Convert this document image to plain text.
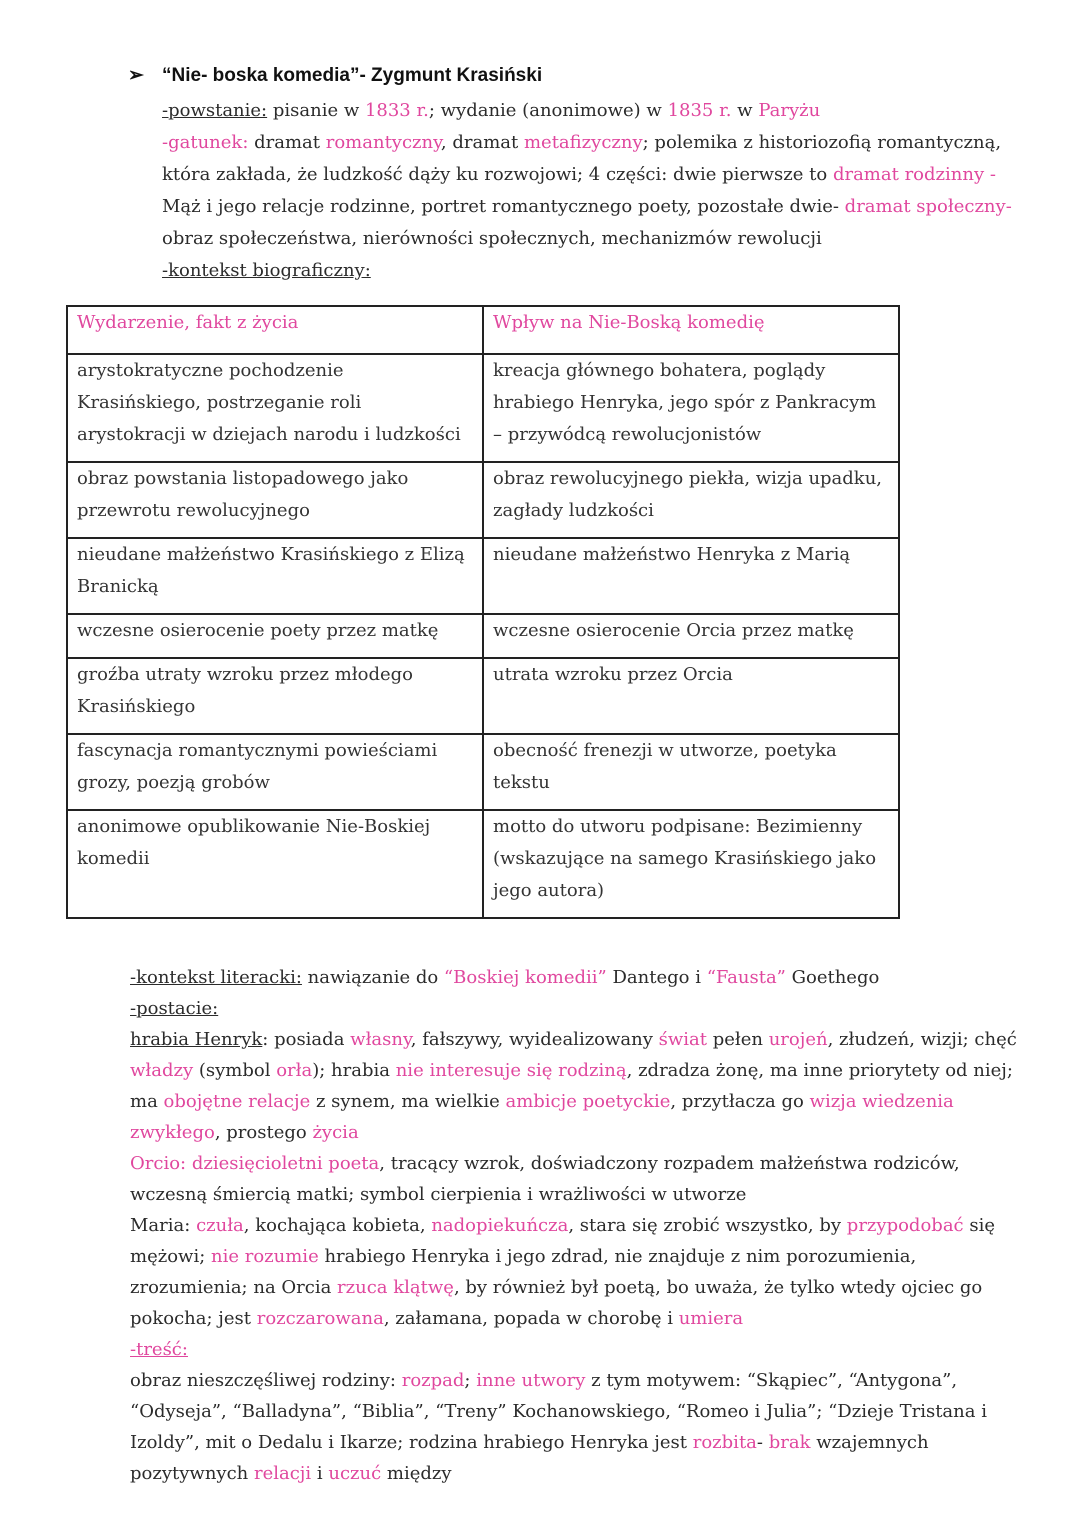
➢ “Nie- boska komedia”- Zygmunt Krasiński

-powstanie: pisanie w 1833 r.; wydanie (anonimowe) w 1835 r. w Paryżu

-gatunek: dramat romantyczny, dramat metafizyczny; polemika z historiozofią romantyczną, która zakłada, że ludzkość dąży ku rozwojowi; 4 części: dwie pierwsze to dramat rodzinny - Mąż i jego relacje rodzinne, portret romantycznego poety, pozostałe dwie- dramat społeczny- obraz społeczeństwa, nierówności społecznych, mechanizmów rewolucji

-kontekst biograficzny:

Wydarzenie, fakt z życia	Wpływ na Nie-Boską komedię
arystokratyczne pochodzenie Krasińskiego, postrzeganie roli arystokracji w dziejach narodu i ludzkości	kreacja głównego bohatera, poglądy hrabiego Henryka, jego spór z Pankracym – przywódcą rewolucjonistów
obraz powstania listopadowego jako przewrotu rewolucyjnego	obraz rewolucyjnego piekła, wizja upadku, zagłady ludzkości
nieudane małżeństwo Krasińskiego z Elizą Branicką	nieudane małżeństwo Henryka z Marią
wczesne osierocenie poety przez matkę	wczesne osierocenie Orcia przez matkę
groźba utraty wzroku przez młodego Krasińskiego	utrata wzroku przez Orcia
fascynacja romantycznymi powieściami grozy, poezją grobów	obecność frenezji w utworze, poetyka tekstu
anonimowe opublikowanie Nie-Boskiej komedii	motto do utworu podpisane: Bezimienny (wskazujące na samego Krasińskiego jako jego autora)

-kontekst literacki: nawiązanie do “Boskiej komedii” Dantego i “Fausta” Goethego

-postacie:

hrabia Henryk: posiada własny, fałszywy, wyidealizowany świat pełen urojeń, złudzeń, wizji; chęć władzy (symbol orła); hrabia nie interesuje się rodziną, zdradza żonę, ma inne priorytety od niej; ma obojętne relacje z synem, ma wielkie ambicje poetyckie, przytłacza go wizja wiedzenia zwykłego, prostego życia

Orcio: dziesięcioletni poeta, tracący wzrok, doświadczony rozpadem małżeństwa rodziców, wczesną śmiercią matki; symbol cierpienia i wrażliwości w utworze

Maria: czuła, kochająca kobieta, nadopiekuńcza, stara się zrobić wszystko, by przypodobać się mężowi; nie rozumie hrabiego Henryka i jego zdrad, nie znajduje z nim porozumienia, zrozumienia; na Orcia rzuca klątwę, by również był poetą, bo uważa, że tylko wtedy ojciec go pokocha; jest rozczarowana, załamana, popada w chorobę i umiera

-treść:

obraz nieszczęśliwej rodziny: rozpad; inne utwory z tym motywem: “Skąpiec”, “Antygona”, “Odyseja”, “Balladyna”, “Biblia”, “Treny” Kochanowskiego, “Romeo i Julia”; “Dzieje Tristana i Izoldy”, mit o Dedalu i Ikarze; rodzina hrabiego Henryka jest rozbita- brak wzajemnych pozytywnych relacji i uczuć między
